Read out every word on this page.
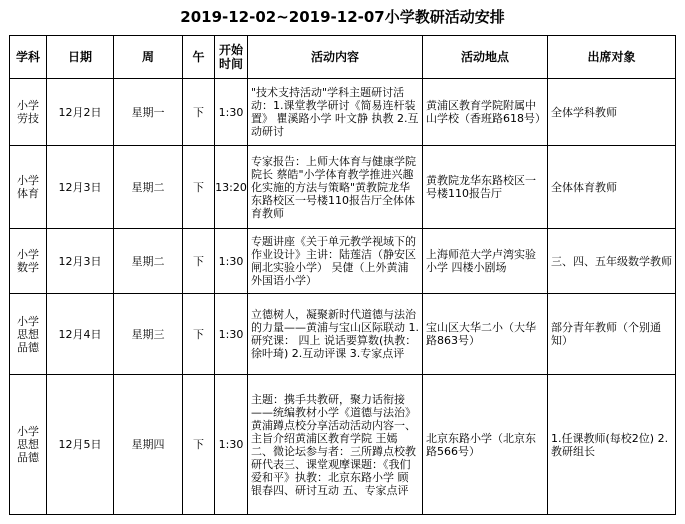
2019-12-02~2019-12-07小学教研活动安排
学科	日期	周	午	开始时间	活动内容	活动地点	出席对象
小学劳技	12月2日	星期一	下	1:30	"技术支持活动"学科主题研讨活动：1.课堂教学研讨《简易连杆装置》 瞿溪路小学 叶文静 执教 2.互动研讨	黄浦区教育学院附属中山学校（香班路618号）	全体学科教师
小学体育	12月3日	星期二	下	13:20	专家报告：上师大体育与健康学院院长 蔡皓"小学体育教学推进兴趣化实施的方法与策略"黄教院龙华东路校区一号楼110报告厅全体体育教师	黄教院龙华东路校区一号楼110报告厅	全体体育教师
小学数学	12月3日	星期二	下	1:30	专题讲座《关于单元教学视域下的作业设计》主讲：陆莲洁（静安区闸北实验小学） 吴倢（上外黄浦外国语小学）	上海师范大学卢湾实验小学 四楼小剧场	三、四、五年级数学教师
小学思想品德	12月4日	星期三	下	1:30	立德树人，凝聚新时代道德与法治的力量——黄浦与宝山区际联动 1.研究课： 四上 说话要算数(执教：徐叶琦) 2.互动评课 3.专家点评	宝山区大华二小（大华路863号）	部分青年教师（个别通知）
小学思想品德	12月5日	星期四	下	1:30	主题：携手共教研，聚力话衔接——统编教材小学《道德与法治》黄浦蹲点校分享活动活动内容一、主旨介绍黄浦区教育学院 王嫣二、微论坛参与者：三所蹲点校教研代表三、课堂观摩课题：《我们爱和平》执教：北京东路小学 顾银春四、研讨互动 五、专家点评	北京东路小学（北京东路566号）	1.任课教师(每校2位) 2.教研组长
